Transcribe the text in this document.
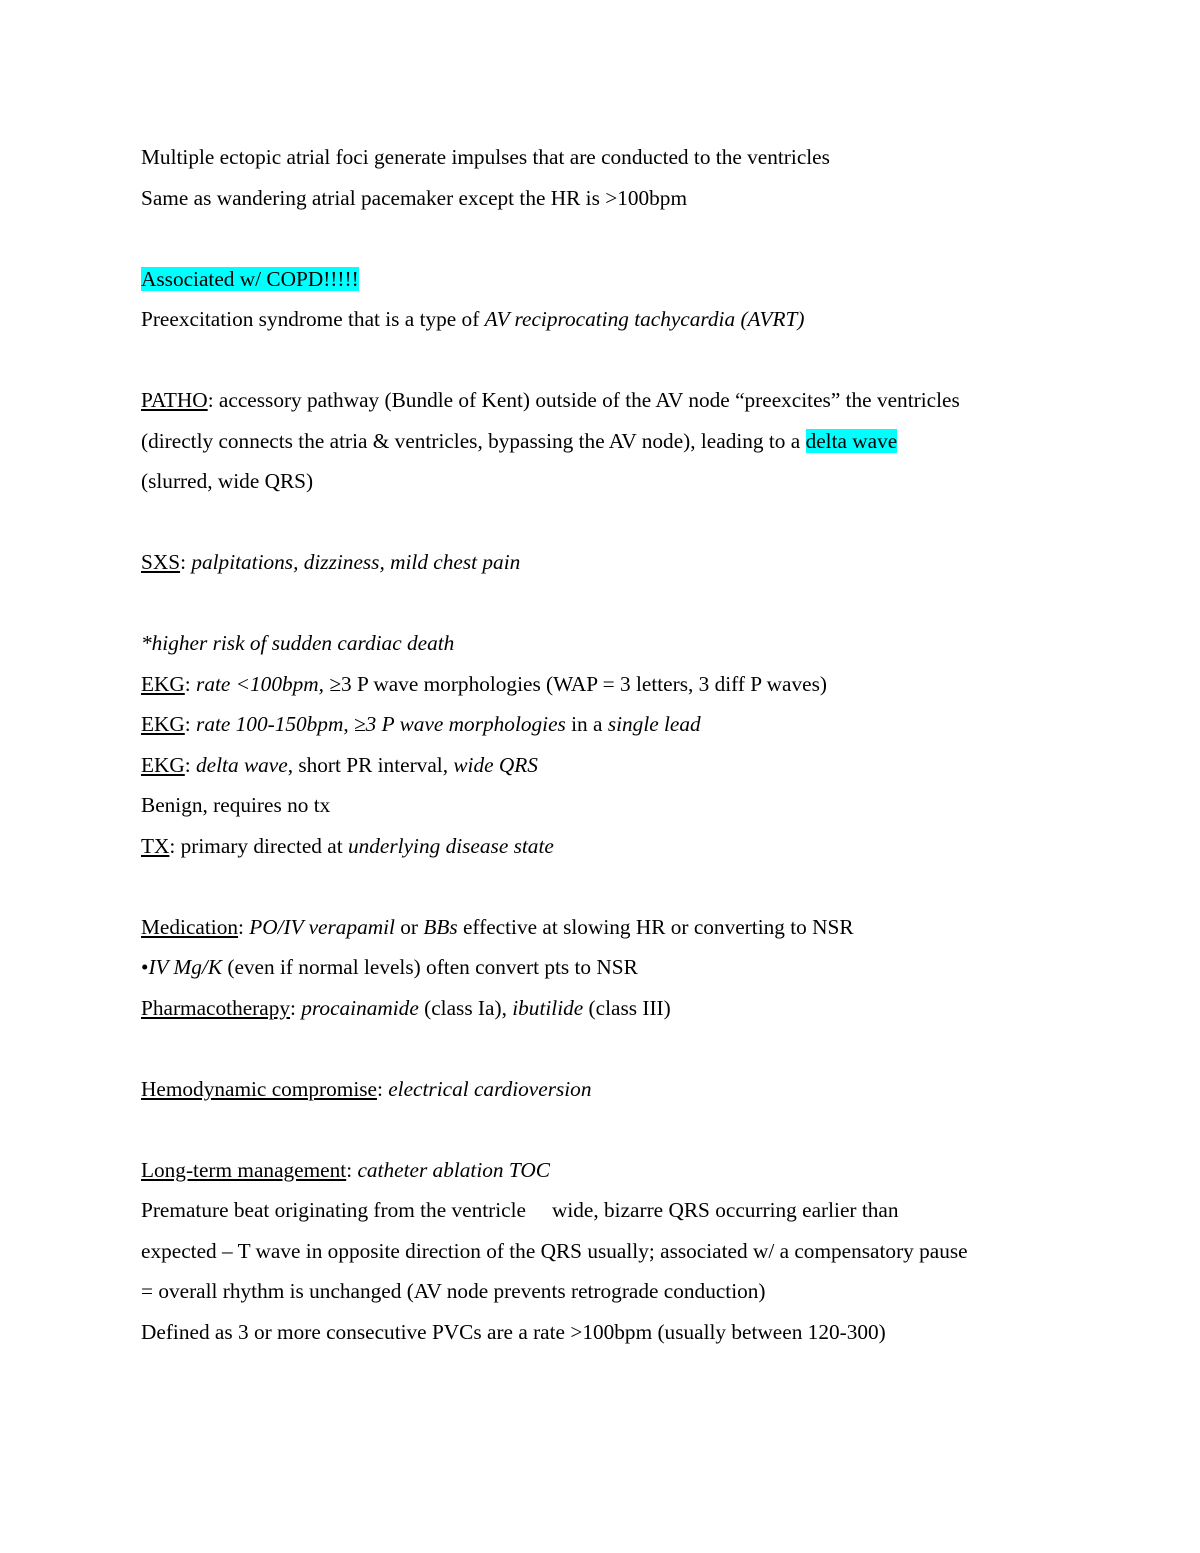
Multiple ectopic atrial foci generate impulses that are conducted to the ventricles
Same as wandering atrial pacemaker except the HR is >100bpm
Associated w/ COPD!!!!!
Preexcitation syndrome that is a type of AV reciprocating tachycardia (AVRT)
PATHO: accessory pathway (Bundle of Kent) outside of the AV node “preexcites” the ventricles
(directly connects the atria & ventricles, bypassing the AV node), leading to a delta wave
(slurred, wide QRS)
SXS: palpitations, dizziness, mild chest pain
*higher risk of sudden cardiac death
EKG: rate <100bpm, ≥3 P wave morphologies (WAP = 3 letters, 3 diff P waves)
EKG: rate 100-150bpm, ≥3 P wave morphologies in a single lead
EKG: delta wave, short PR interval, wide QRS
Benign, requires no tx
TX: primary directed at underlying disease state
Medication: PO/IV verapamil or BBs effective at slowing HR or converting to NSR
•IV Mg/K (even if normal levels) often convert pts to NSR
Pharmacotherapy: procainamide (class Ia), ibutilide (class III)
Hemodynamic compromise: electrical cardioversion
Long-term management: catheter ablation TOC
Premature beat originating from the ventricle wide, bizarre QRS occurring earlier than
expected – T wave in opposite direction of the QRS usually; associated w/ a compensatory pause
= overall rhythm is unchanged (AV node prevents retrograde conduction)
Defined as 3 or more consecutive PVCs are a rate >100bpm (usually between 120-300)
